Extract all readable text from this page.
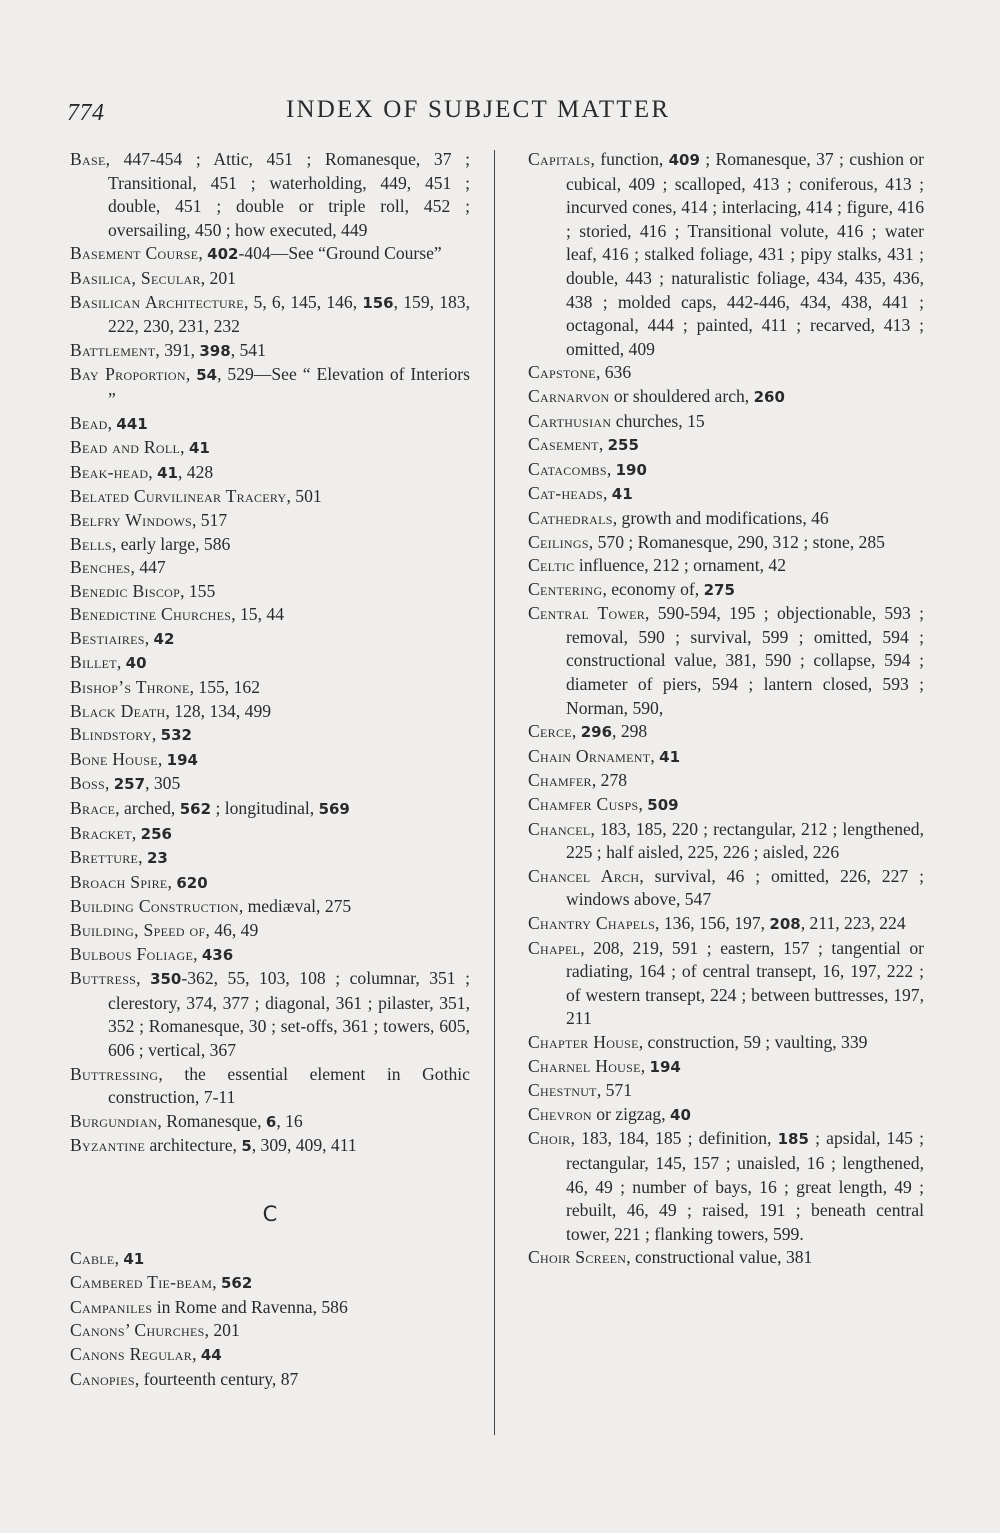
774	INDEX OF SUBJECT MATTER

Base, 447-454 ; Attic, 451 ; Romanesque, 37 ; Transitional, 451 ; waterholding, 449, 451 ; double, 451 ; double or triple roll, 452 ; oversailing, 450 ; how executed, 449

Basement Course, 402-404—See “Ground Course”

Basilica, Secular, 201

Basilican Architecture, 5, 6, 145, 146, 156, 159, 183, 222, 230, 231, 232

Battlement, 391, 398, 541

Bay Proportion, 54, 529—See “ Elevation of Interiors ”

Bead, 441

Bead and Roll, 41

Beak-head, 41, 428

Belated Curvilinear Tracery, 501

Belfry Windows, 517

Bells, early large, 586

Benches, 447

Benedic Biscop, 155

Benedictine Churches, 15, 44

Bestiaires, 42

Billet, 40

Bishop’s Throne, 155, 162

Black Death, 128, 134, 499

Blindstory, 532

Bone House, 194

Boss, 257, 305

Brace, arched, 562 ; longitudinal, 569

Bracket, 256

Bretture, 23

Broach Spire, 620

Building Construction, mediæval, 275

Building, Speed of, 46, 49

Bulbous Foliage, 436

Buttress, 350-362, 55, 103, 108 ; columnar, 351 ; clerestory, 374, 377 ; diagonal, 361 ; pilaster, 351, 352 ; Romanesque, 30 ; set-offs, 361 ; towers, 605, 606 ; vertical, 367

Buttressing, the essential element in Gothic construction, 7-11

Burgundian, Romanesque, 6, 16

Byzantine architecture, 5, 309, 409, 411

C

Cable, 41

Cambered Tie-beam, 562

Campaniles in Rome and Ravenna, 586

Canons’ Churches, 201

Canons Regular, 44

Canopies, fourteenth century, 87

Capitals, function, 409 ; Romanesque, 37 ; cushion or cubical, 409 ; scalloped, 413 ; coniferous, 413 ; incurved cones, 414 ; interlacing, 414 ; figure, 416 ; storied, 416 ; Transitional volute, 416 ; water leaf, 416 ; stalked foliage, 431 ; pipy stalks, 431 ; double, 443 ; naturalistic foliage, 434, 435, 436, 438 ; molded caps, 442-446, 434, 438, 441 ; octagonal, 444 ; painted, 411 ; recarved, 413 ; omitted, 409

Capstone, 636

Carnarvon or shouldered arch, 260

Carthusian churches, 15

Casement, 255

Catacombs, 190

Cat-heads, 41

Cathedrals, growth and modifications, 46

Ceilings, 570 ; Romanesque, 290, 312 ; stone, 285

Celtic influence, 212 ; ornament, 42

Centering, economy of, 275

Central Tower, 590-594, 195 ; objectionable, 593 ; removal, 590 ; survival, 599 ; omitted, 594 ; constructional value, 381, 590 ; collapse, 594 ; diameter of piers, 594 ; lantern closed, 593 ; Norman, 590,

Cerce, 296, 298

Chain Ornament, 41

Chamfer, 278

Chamfer Cusps, 509

Chancel, 183, 185, 220 ; rectangular, 212 ; lengthened, 225 ; half aisled, 225, 226 ; aisled, 226

Chancel Arch, survival, 46 ; omitted, 226, 227 ; windows above, 547

Chantry Chapels, 136, 156, 197, 208, 211, 223, 224

Chapel, 208, 219, 591 ; eastern, 157 ; tangential or radiating, 164 ; of central transept, 16, 197, 222 ; of western transept, 224 ; between buttresses, 197, 211

Chapter House, construction, 59 ; vaulting, 339

Charnel House, 194

Chestnut, 571

Chevron or zigzag, 40

Choir, 183, 184, 185 ; definition, 185 ; apsidal, 145 ; rectangular, 145, 157 ; unaisled, 16 ; lengthened, 46, 49 ; number of bays, 16 ; great length, 49 ; rebuilt, 46, 49 ; raised, 191 ; beneath central tower, 221 ; flanking towers, 599.

Choir Screen, constructional value, 381
